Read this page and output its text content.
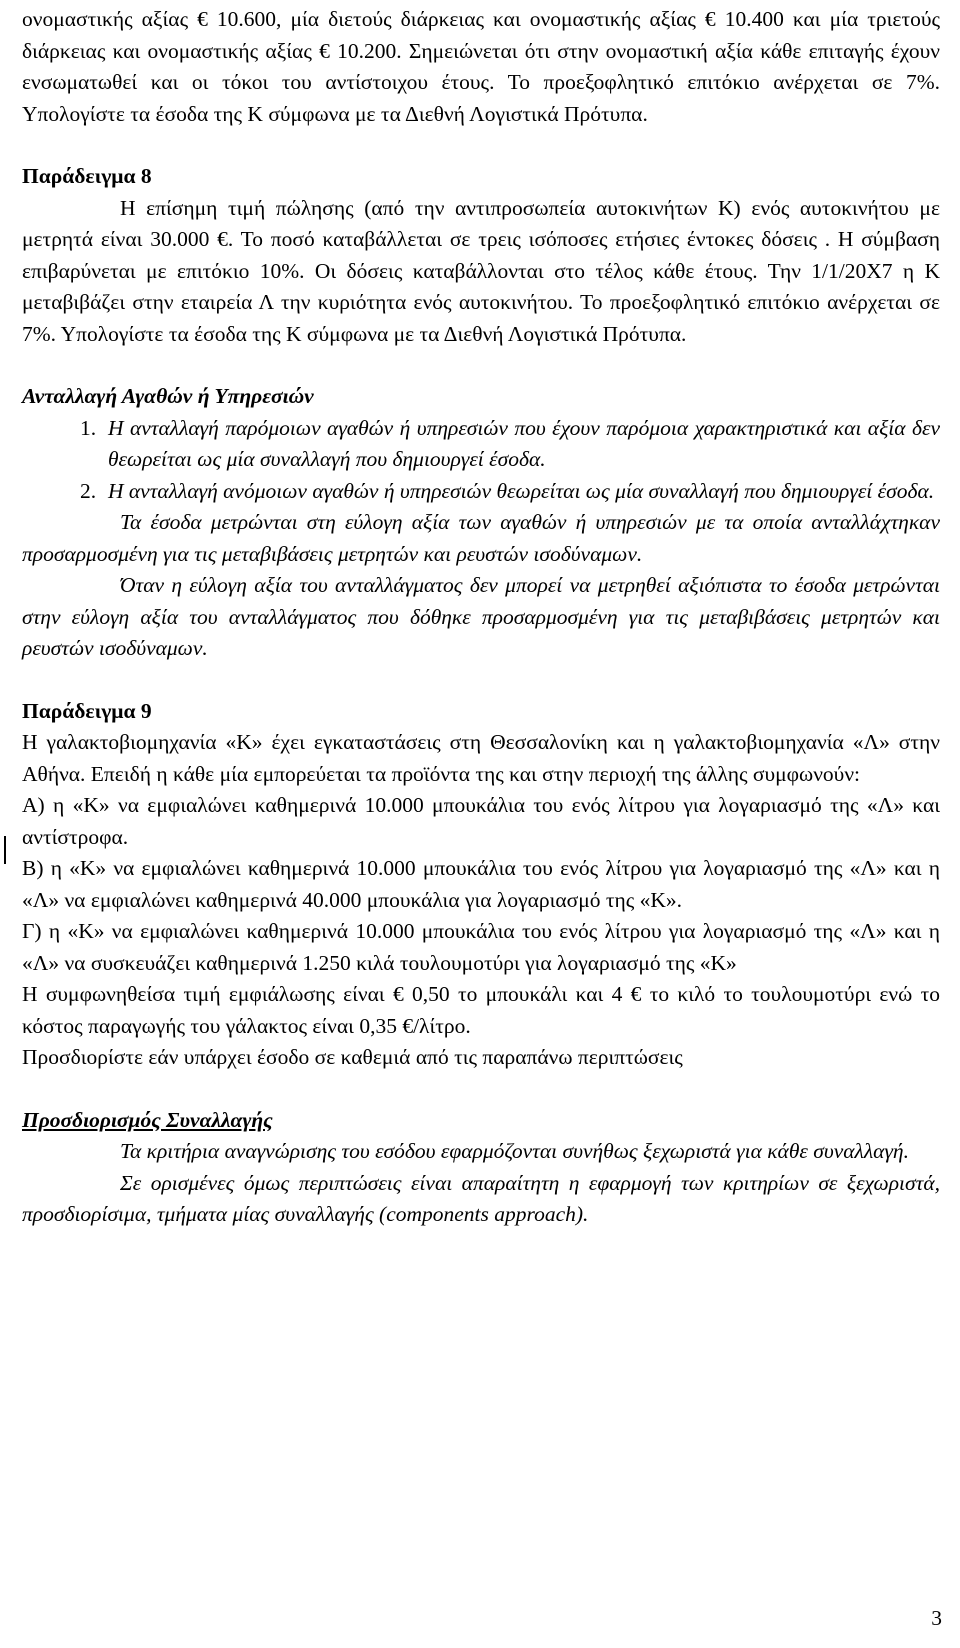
ονομαστικής αξίας € 10.600, μία διετούς διάρκειας και ονομαστικής αξίας € 10.400 και μία τριετούς διάρκειας και ονομαστικής αξίας € 10.200. Σημειώνεται ότι στην ονομαστική αξία κάθε επιταγής έχουν ενσωματωθεί και οι τόκοι του αντίστοιχου έτους. Το προεξοφλητικό επιτόκιο ανέρχεται σε 7%. Υπολογίστε τα έσοδα της Κ σύμφωνα με τα Διεθνή Λογιστικά Πρότυπα.

Παράδειγμα 8

Η επίσημη τιμή πώλησης (από την αντιπροσωπεία αυτοκινήτων Κ) ενός αυτοκινήτου με μετρητά είναι 30.000 €. Το ποσό καταβάλλεται σε τρεις ισόποσες ετήσιες έντοκες δόσεις . Η σύμβαση επιβαρύνεται με επιτόκιο 10%. Οι δόσεις καταβάλλονται στο τέλος κάθε έτους. Την 1/1/20Χ7 η Κ μεταβιβάζει στην εταιρεία Λ την κυριότητα ενός αυτοκινήτου. Το προεξοφλητικό επιτόκιο ανέρχεται σε 7%. Υπολογίστε τα έσοδα της Κ σύμφωνα με τα Διεθνή Λογιστικά Πρότυπα.

Ανταλλαγή Αγαθών ή Υπηρεσιών

1. Η ανταλλαγή παρόμοιων αγαθών ή υπηρεσιών που έχουν παρόμοια χαρακτηριστικά και αξία δεν θεωρείται ως μία συναλλαγή που δημιουργεί έσοδα.
2. Η ανταλλαγή ανόμοιων αγαθών ή υπηρεσιών θεωρείται ως μία συναλλαγή που δημιουργεί έσοδα.

Τα έσοδα μετρώνται στη εύλογη αξία των αγαθών ή υπηρεσιών με τα οποία ανταλλάχτηκαν προσαρμοσμένη για τις μεταβιβάσεις μετρητών και ρευστών ισοδύναμων.

Όταν η εύλογη αξία του ανταλλάγματος δεν μπορεί να μετρηθεί αξιόπιστα το έσοδα μετρώνται στην εύλογη αξία του ανταλλάγματος που δόθηκε προσαρμοσμένη για τις μεταβιβάσεις μετρητών και ρευστών ισοδύναμων.

Παράδειγμα 9

Η γαλακτοβιομηχανία «Κ» έχει εγκαταστάσεις στη Θεσσαλονίκη και η γαλακτοβιομηχανία «Λ» στην Αθήνα. Επειδή η κάθε μία εμπορεύεται τα προϊόντα της και στην περιοχή της άλλης συμφωνούν:

Α) η «Κ» να εμφιαλώνει καθημερινά 10.000 μπουκάλια του ενός λίτρου για λογαριασμό της «Λ» και αντίστροφα.

Β) η «Κ» να εμφιαλώνει καθημερινά 10.000 μπουκάλια του ενός λίτρου για λογαριασμό της «Λ» και η «Λ» να εμφιαλώνει καθημερινά 40.000 μπουκάλια για λογαριασμό της «Κ».

Γ) η «Κ» να εμφιαλώνει καθημερινά 10.000 μπουκάλια του ενός λίτρου για λογαριασμό της «Λ» και η «Λ» να συσκευάζει καθημερινά 1.250 κιλά τουλουμοτύρι για λογαριασμό της «Κ»

Η συμφωνηθείσα τιμή εμφιάλωσης είναι € 0,50 το μπουκάλι και 4 € το κιλό το τουλουμοτύρι ενώ το κόστος παραγωγής του γάλακτος είναι 0,35 €/λίτρο.

Προσδιορίστε εάν υπάρχει έσοδο σε καθεμιά από τις παραπάνω περιπτώσεις

Προσδιορισμός Συναλλαγής

Τα κριτήρια αναγνώρισης του εσόδου εφαρμόζονται συνήθως ξεχωριστά για κάθε συναλλαγή.

Σε ορισμένες όμως περιπτώσεις είναι απαραίτητη η εφαρμογή των κριτηρίων σε ξεχωριστά, προσδιορίσιμα, τμήματα μίας συναλλαγής (components approach).

3
